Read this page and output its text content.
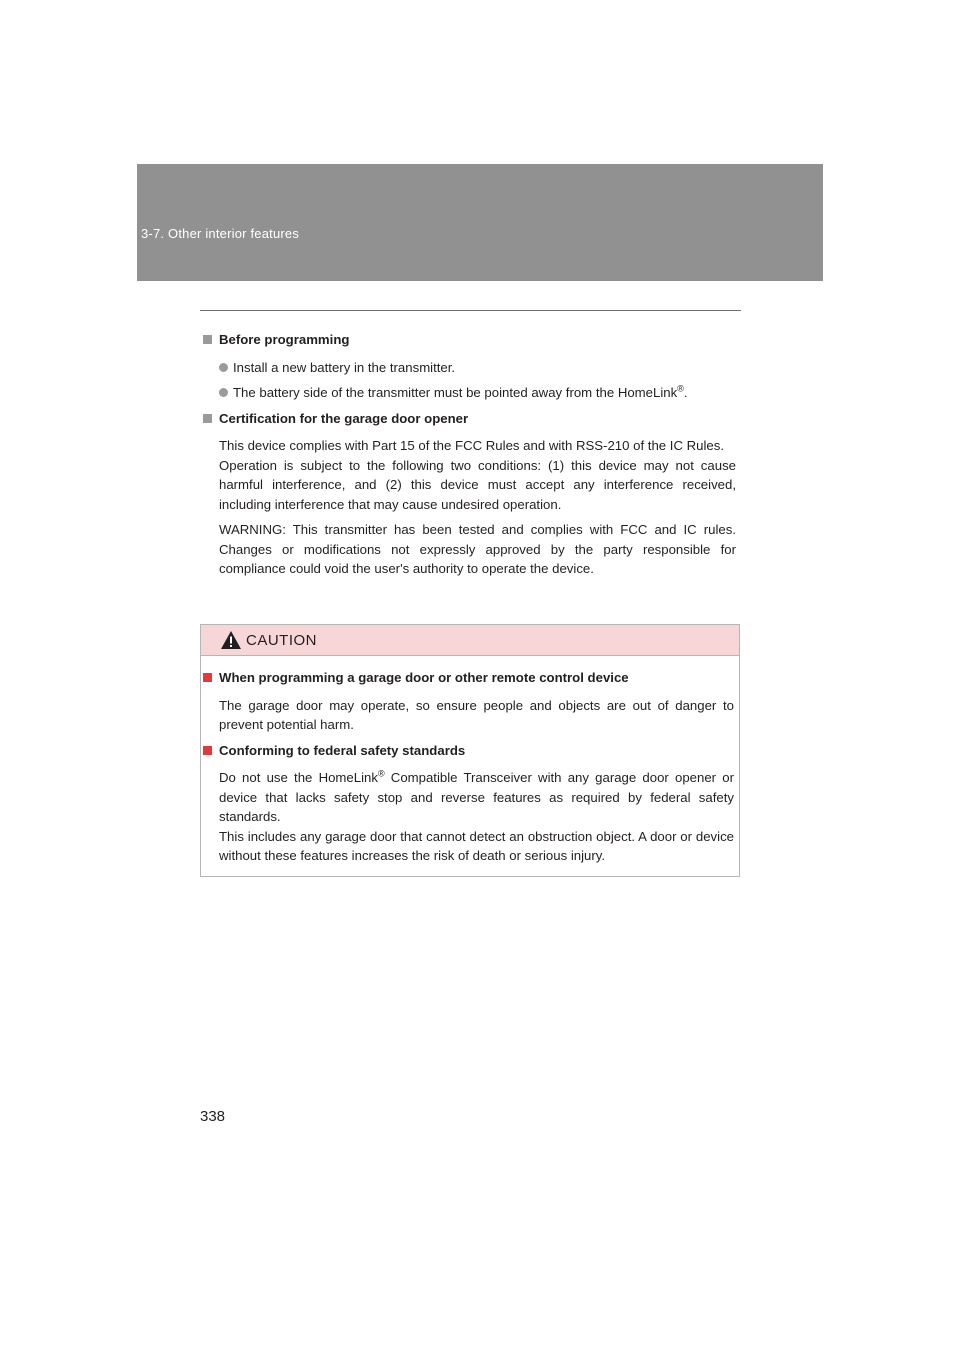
3-7. Other interior features
Before programming
Install a new battery in the transmitter.
The battery side of the transmitter must be pointed away from the HomeLink®.
Certification for the garage door opener
This device complies with Part 15 of the FCC Rules and with RSS-210 of the IC Rules.
Operation is subject to the following two conditions: (1) this device may not cause harmful interference, and (2) this device must accept any interference received, including interference that may cause undesired operation.
WARNING: This transmitter has been tested and complies with FCC and IC rules. Changes or modifications not expressly approved by the party responsible for compliance could void the user's authority to operate the device.
CAUTION
When programming a garage door or other remote control device
The garage door may operate, so ensure people and objects are out of danger to prevent potential harm.
Conforming to federal safety standards
Do not use the HomeLink® Compatible Transceiver with any garage door opener or device that lacks safety stop and reverse features as required by federal safety standards.
This includes any garage door that cannot detect an obstruction object. A door or device without these features increases the risk of death or serious injury.
338
